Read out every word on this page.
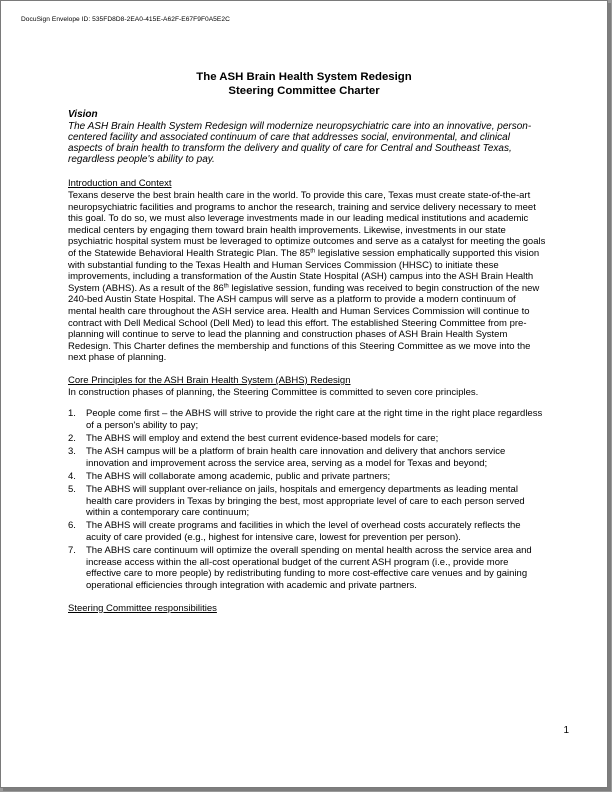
DocuSign Envelope ID: 535FD8D8-2EA0-415E-A62F-E67F9F0A5E2C
The ASH Brain Health System Redesign
Steering Committee Charter
Vision
The ASH Brain Health System Redesign will modernize neuropsychiatric care into an innovative, person-centered facility and associated continuum of care that addresses social, environmental, and clinical aspects of brain health to transform the delivery and quality of care for Central and Southeast Texas, regardless people's ability to pay.
Introduction and Context
Texans deserve the best brain health care in the world. To provide this care, Texas must create state-of-the-art neuropsychiatric facilities and programs to anchor the research, training and service delivery necessary to meet this goal. To do so, we must also leverage investments made in our leading medical institutions and academic medical centers by engaging them toward brain health improvements. Likewise, investments in our state psychiatric hospital system must be leveraged to optimize outcomes and serve as a catalyst for meeting the goals of the Statewide Behavioral Health Strategic Plan. The 85th legislative session emphatically supported this vision with substantial funding to the Texas Health and Human Services Commission (HHSC) to initiate these improvements, including a transformation of the Austin State Hospital (ASH) campus into the ASH Brain Health System (ABHS). As a result of the 86th legislative session, funding was received to begin construction of the new 240-bed Austin State Hospital. The ASH campus will serve as a platform to provide a modern continuum of mental health care throughout the ASH service area. Health and Human Services Commission will continue to contract with Dell Medical School (Dell Med) to lead this effort. The established Steering Committee from pre-planning will continue to serve to lead the planning and construction phases of ASH Brain Health System Redesign. This Charter defines the membership and functions of this Steering Committee as we move into the next phase of planning.
Core Principles for the ASH Brain Health System (ABHS) Redesign
In construction phases of planning, the Steering Committee is committed to seven core principles.
1. People come first – the ABHS will strive to provide the right care at the right time in the right place regardless of a person's ability to pay;
2. The ABHS will employ and extend the best current evidence-based models for care;
3. The ASH campus will be a platform of brain health care innovation and delivery that anchors service innovation and improvement across the service area, serving as a model for Texas and beyond;
4. The ABHS will collaborate among academic, public and private partners;
5. The ABHS will supplant over-reliance on jails, hospitals and emergency departments as leading mental health care providers in Texas by bringing the best, most appropriate level of care to each person served within a contemporary care continuum;
6. The ABHS will create programs and facilities in which the level of overhead costs accurately reflects the acuity of care provided (e.g., highest for intensive care, lowest for prevention per person).
7. The ABHS care continuum will optimize the overall spending on mental health across the service area and increase access within the all-cost operational budget of the current ASH program (i.e., provide more effective care to more people) by redistributing funding to more cost-effective care venues and by gaining operational efficiencies through integration with academic and private partners.
Steering Committee responsibilities
1
